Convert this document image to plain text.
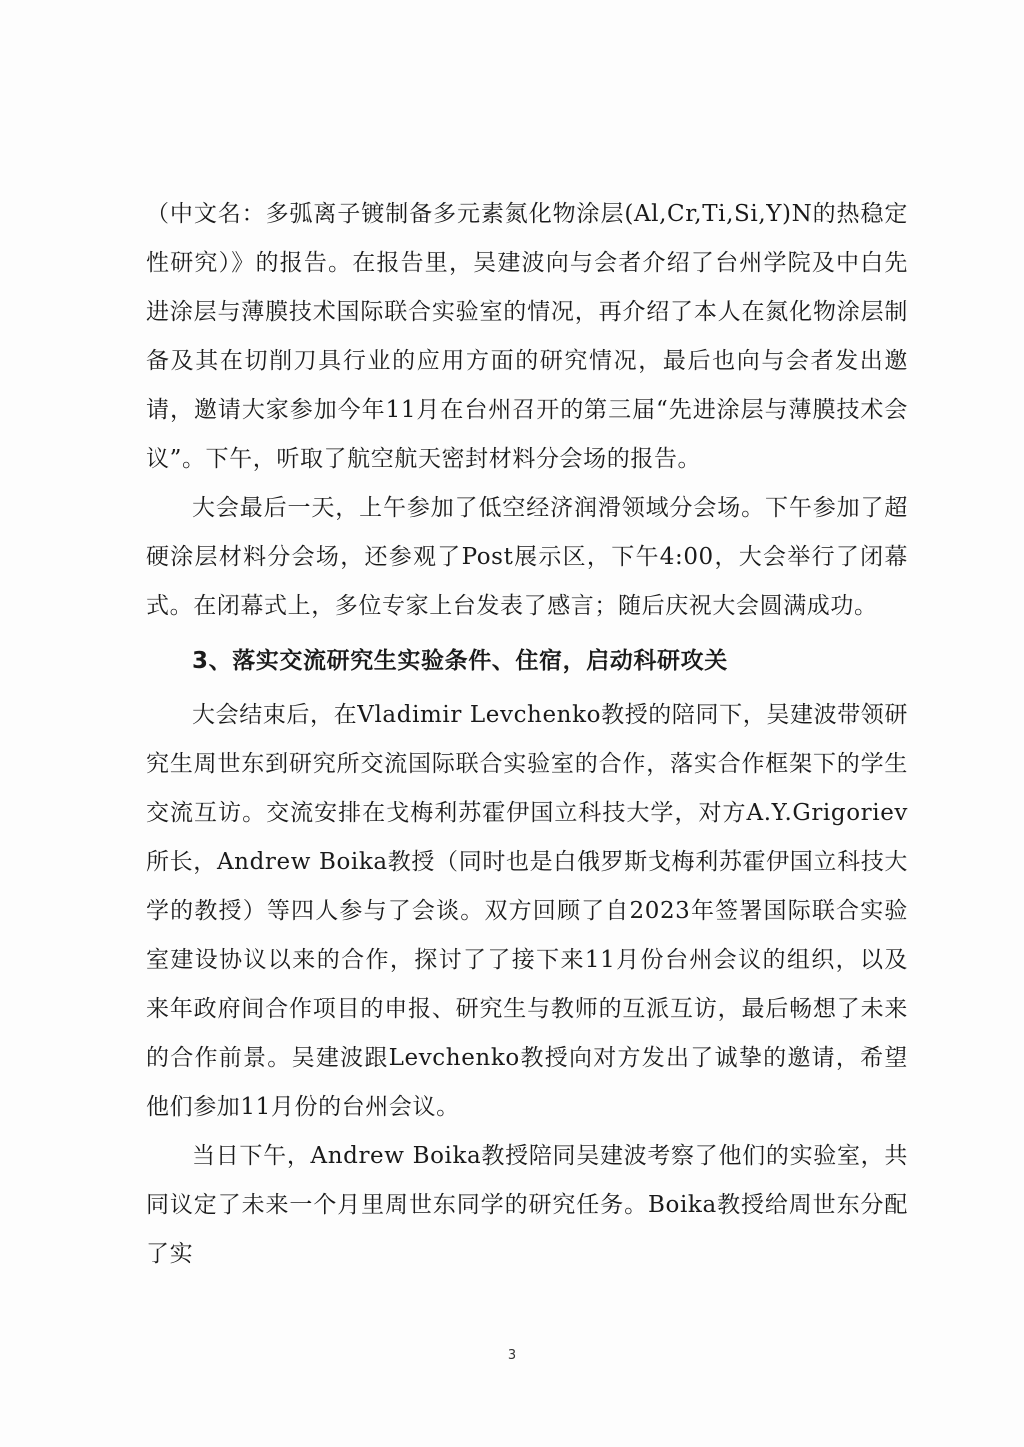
（中文名：多弧离子镀制备多元素氮化物涂层(Al,Cr,Ti,Si,Y)N的热稳定性研究）》的报告。在报告里，吴建波向与会者介绍了台州学院及中白先进涂层与薄膜技术国际联合实验室的情况，再介绍了本人在氮化物涂层制备及其在切削刀具行业的应用方面的研究情况，最后也向与会者发出邀请，邀请大家参加今年11月在台州召开的第三届“先进涂层与薄膜技术会议”。下午，听取了航空航天密封材料分会场的报告。

大会最后一天，上午参加了低空经济润滑领域分会场。下午参加了超硬涂层材料分会场，还参观了Post展示区，下午4:00，大会举行了闭幕式。在闭幕式上，多位专家上台发表了感言；随后庆祝大会圆满成功。

3、落实交流研究生实验条件、住宿，启动科研攻关

大会结束后，在Vladimir Levchenko教授的陪同下，吴建波带领研究生周世东到研究所交流国际联合实验室的合作，落实合作框架下的学生交流互访。交流安排在戈梅利苏霍伊国立科技大学，对方A.Y.Grigoriev所长，Andrew Boika教授（同时也是白俄罗斯戈梅利苏霍伊国立科技大学的教授）等四人参与了会谈。双方回顾了自2023年签署国际联合实验室建设协议以来的合作，探讨了了接下来11月份台州会议的组织，以及来年政府间合作项目的申报、研究生与教师的互派互访，最后畅想了未来的合作前景。吴建波跟Levchenko教授向对方发出了诚挚的邀请，希望他们参加11月份的台州会议。

当日下午，Andrew Boika教授陪同吴建波考察了他们的实验室，共同议定了未来一个月里周世东同学的研究任务。Boika教授给周世东分配了实

3
